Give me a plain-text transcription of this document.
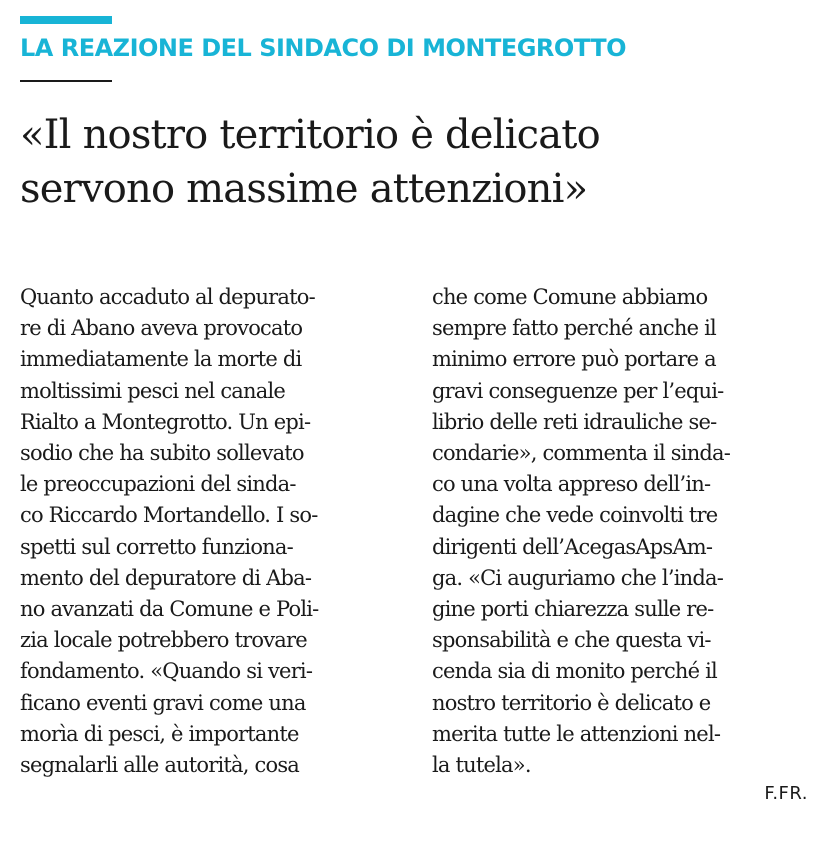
LA REAZIONE DEL SINDACO DI MONTEGROTTO
«Il nostro territorio è delicato
servono massime attenzioni»
Quanto accaduto al depurato-
re di Abano aveva provocato
immediatamente la morte di
moltissimi pesci nel canale
Rialto a Montegrotto. Un epi-
sodio che ha subito sollevato
le preoccupazioni del sinda-
co Riccardo Mortandello. I so-
spetti sul corretto funziona-
mento del depuratore di Aba-
no avanzati da Comune e Poli-
zia locale potrebbero trovare
fondamento. «Quando si veri-
ficano eventi gravi come una
morìa di pesci, è importante
segnalarli alle autorità, cosa
che come Comune abbiamo
sempre fatto perché anche il
minimo errore può portare a
gravi conseguenze per l’equi-
librio delle reti idrauliche se-
condarie», commenta il sinda-
co una volta appreso dell’in-
dagine che vede coinvolti tre
dirigenti dell’AcegasApsAm-
ga. «Ci auguriamo che l’inda-
gine porti chiarezza sulle re-
sponsabilità e che questa vi-
cenda sia di monito perché il
nostro territorio è delicato e
merita tutte le attenzioni nel-
la tutela».
F.FR.
